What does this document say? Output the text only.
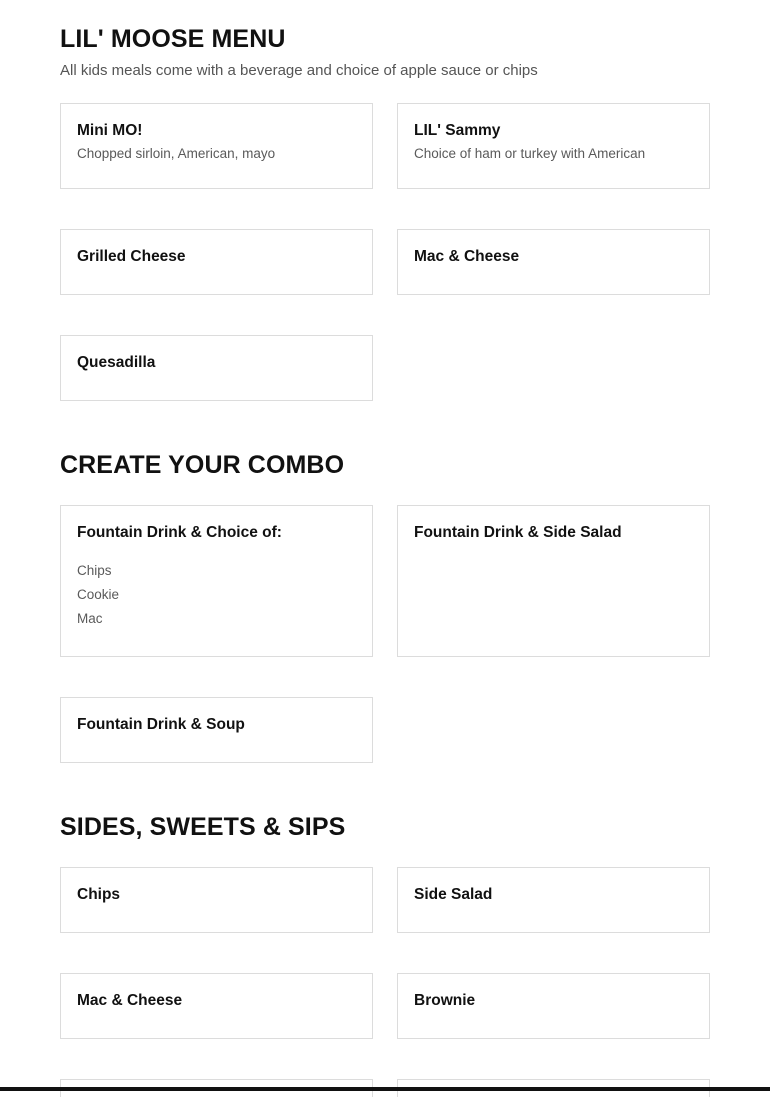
LIL' MOOSE MENU

All kids meals come with a beverage and choice of apple sauce or chips

Mini MO!
Chopped sirloin, American, mayo
LIL' Sammy
Choice of ham or turkey with American
Grilled Cheese	Mac & Cheese
Quesadilla
CREATE YOUR COMBO
Fountain Drink & Choice of:
Chips
Cookie
Mac
Fountain Drink & Side Salad
Fountain Drink & Soup
SIDES, SWEETS & SIPS
Chips	Side Salad
Mac & Cheese	Brownie
